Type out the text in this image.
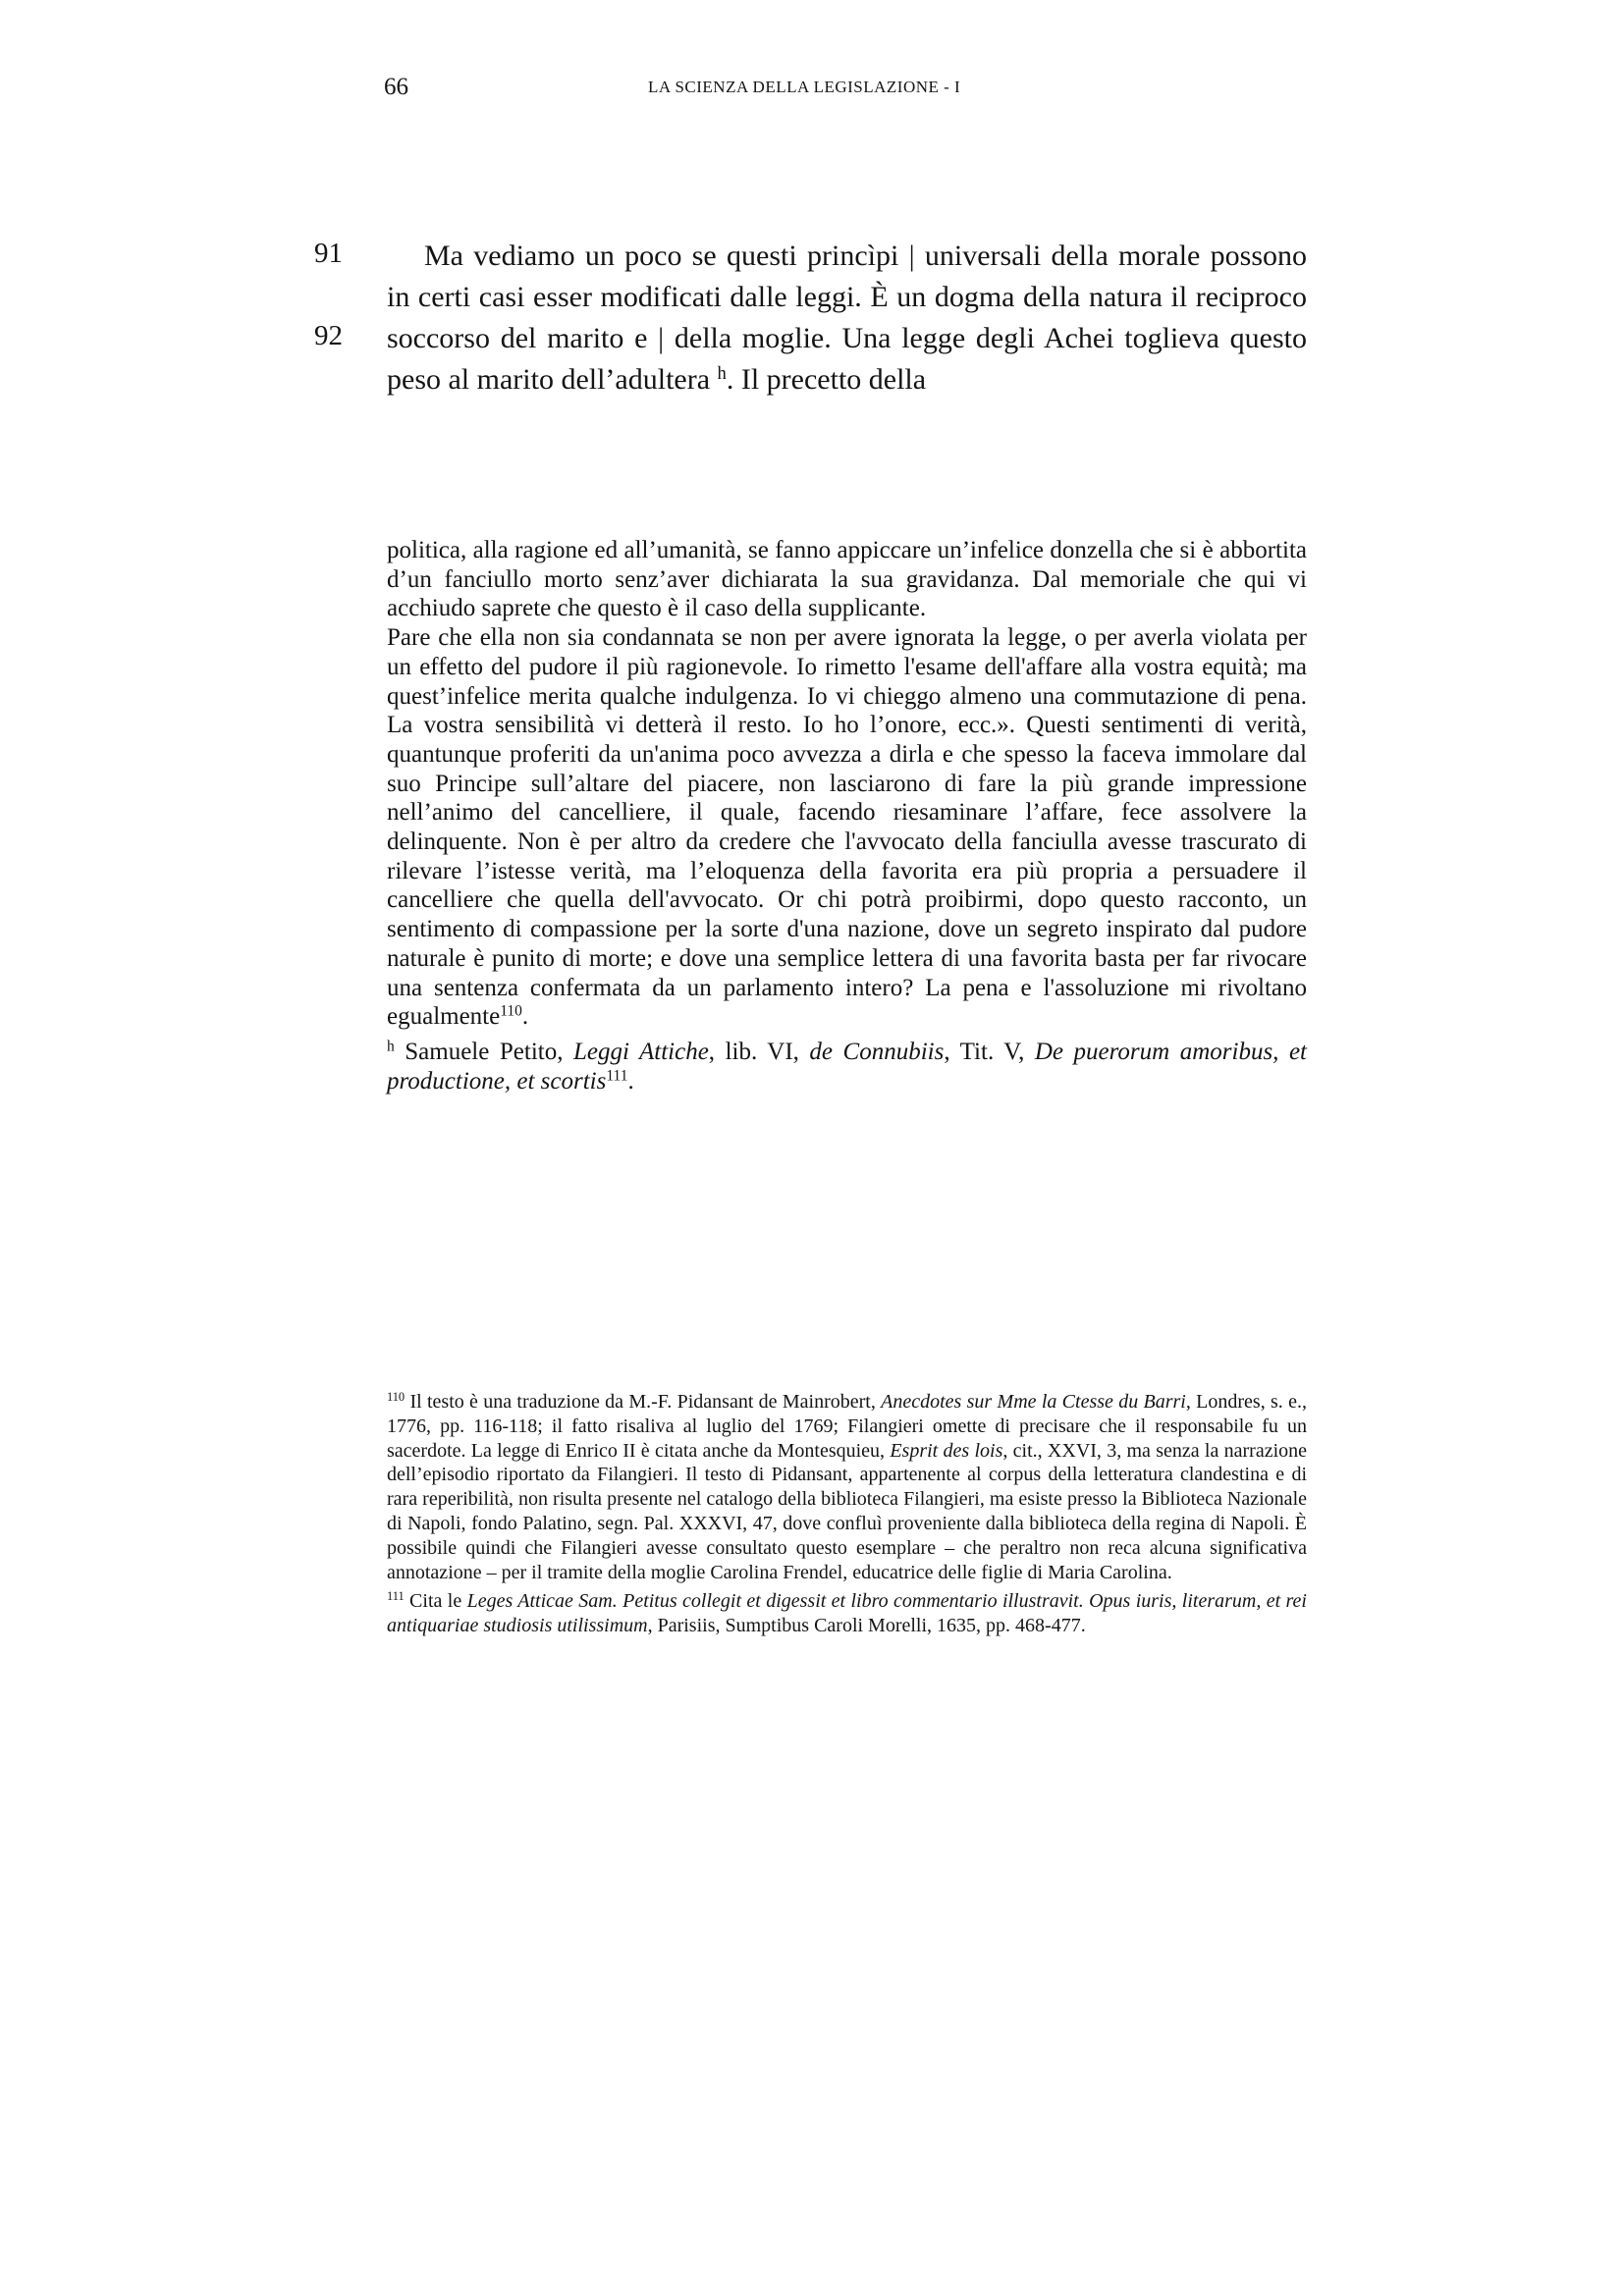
66	LA SCIENZA DELLA LEGISLAZIONE - I
91
92

Ma vediamo un poco se questi princìpi | universali della morale possono in certi casi esser modificati dalle leggi. È un dogma della natura il reciproco soccorso del marito e | della moglie. Una legge degli Achei toglieva questo peso al marito dell’adultera $^h$. Il precetto della

politica, alla ragione ed all’umanità, se fanno appiccare un’infelice donzella che si è abbortita d’un fanciullo morto senz’aver dichiarata la sua gravidanza. Dal memoriale che qui vi acchiudo saprete che questo è il caso della supplicante.

Pare che ella non sia condannata se non per avere ignorata la legge, o per averla violata per un effetto del pudore il più ragionevole. Io rimetto l'esame dell'affare alla vostra equità; ma quest’infelice merita qualche indulgenza. Io vi chieggo almeno una commutazione di pena. La vostra sensibilità vi detterà il resto. Io ho l’onore, ecc.». Questi sentimenti di verità, quantunque proferiti da un'anima poco avvezza a dirla e che spesso la faceva immolare dal suo Principe sull’altare del piacere, non lasciarono di fare la più grande impressione nell’animo del cancelliere, il quale, facendo riesaminare l’affare, fece assolvere la delinquente. Non è per altro da credere che l'avvocato della fanciulla avesse trascurato di rilevare l’istesse verità, ma l’eloquenza della favorita era più propria a persuadere il cancelliere che quella dell'avvocato. Or chi potrà proibirmi, dopo questo racconto, un sentimento di compassione per la sorte d'una nazione, dove un segreto inspirato dal pudore naturale è punito di morte; e dove una semplice lettera di una favorita basta per far rivocare una sentenza confermata da un parlamento intero? La pena e l'assoluzione mi rivoltano egualmente$^{110}$.

$^h$ Samuele Petito, Leggi Attiche, lib. VI, de Connubiis, Tit. V, De puerorum amoribus, et productione, et scortis$^{111}$.

$^{110}$ Il testo è una traduzione da M.-F. Pidansant de Mainrobert, Anecdotes sur Mme la Ctesse du Barri, Londres, s. e., 1776, pp. 116-118; il fatto risaliva al luglio del 1769; Filangieri omette di precisare che il responsabile fu un sacerdote. La legge di Enrico II è citata anche da Montesquieu, Esprit des lois, cit., XXVI, 3, ma senza la narrazione dell’episodio riportato da Filangieri. Il testo di Pidansant, appartenente al corpus della letteratura clandestina e di rara reperibilità, non risulta presente nel catalogo della biblioteca Filangieri, ma esiste presso la Biblioteca Nazionale di Napoli, fondo Palatino, segn. Pal. XXXVI, 47, dove confluì proveniente dalla biblioteca della regina di Napoli. È possibile quindi che Filangieri avesse consultato questo esemplare – che peraltro non reca alcuna significativa annotazione – per il tramite della moglie Carolina Frendel, educatrice delle figlie di Maria Carolina.

$^{111}$ Cita le Leges Atticae Sam. Petitus collegit et digessit et libro commentario illustravit. Opus iuris, literarum, et rei antiquariae studiosis utilissimum, Parisiis, Sumptibus Caroli Morelli, 1635, pp. 468-477.
